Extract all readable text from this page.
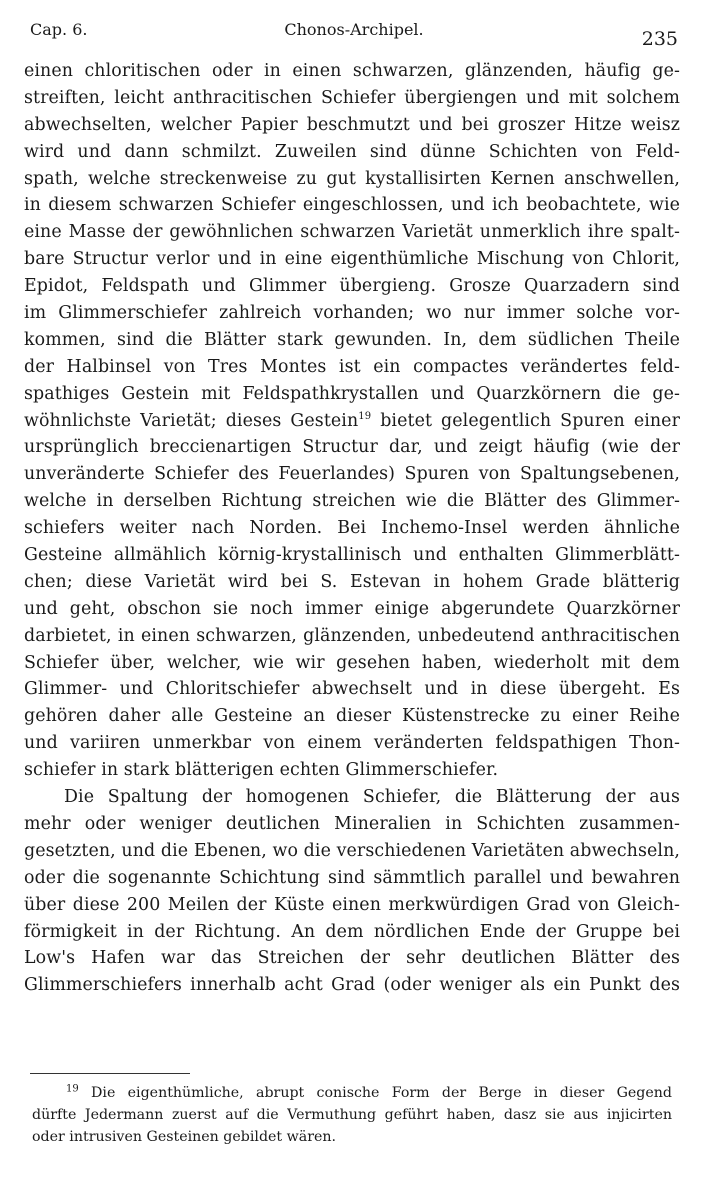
Cap. 6.	Chonos-Archipel.	235
einen chloritischen oder in einen schwarzen, glänzenden, häufig ge-
streiften, leicht anthracitischen Schiefer übergiengen und mit solchem
abwechselten, welcher Papier beschmutzt und bei groszer Hitze weisz
wird und dann schmilzt. Zuweilen sind dünne Schichten von Feld-
spath, welche streckenweise zu gut kystallisirten Kernen anschwellen,
in diesem schwarzen Schiefer eingeschlossen, und ich beobachtete, wie
eine Masse der gewöhnlichen schwarzen Varietät unmerklich ihre spalt-
bare Structur verlor und in eine eigenthümliche Mischung von Chlorit,
Epidot, Feldspath und Glimmer übergieng. Grosze Quarzadern sind
im Glimmerschiefer zahlreich vorhanden; wo nur immer solche vor-
kommen, sind die Blätter stark gewunden. In, dem südlichen Theile
der Halbinsel von Tres Montes ist ein compactes verändertes feld-
spathiges Gestein mit Feldspathkrystallen und Quarzkörnern die ge-
wöhnlichste Varietät; dieses Gestein$^{19}$ bietet gelegentlich Spuren einer
ursprünglich breccienartigen Structur dar, und zeigt häufig (wie der
unveränderte Schiefer des Feuerlandes) Spuren von Spaltungsebenen,
welche in derselben Richtung streichen wie die Blätter des Glimmer-
schiefers weiter nach Norden. Bei Inchemo-Insel werden ähnliche
Gesteine allmählich körnig-krystallinisch und enthalten Glimmerblätt-
chen; diese Varietät wird bei S. Estevan in hohem Grade blätterig
und geht, obschon sie noch immer einige abgerundete Quarzkörner
darbietet, in einen schwarzen, glänzenden, unbedeutend anthracitischen
Schiefer über, welcher, wie wir gesehen haben, wiederholt mit dem
Glimmer- und Chloritschiefer abwechselt und in diese übergeht. Es
gehören daher alle Gesteine an dieser Küstenstrecke zu einer Reihe
und variiren unmerkbar von einem veränderten feldspathigen Thon-
schiefer in stark blätterigen echten Glimmerschiefer.
Die Spaltung der homogenen Schiefer, die Blätterung der aus
mehr oder weniger deutlichen Mineralien in Schichten zusammen-
gesetzten, und die Ebenen, wo die verschiedenen Varietäten abwechseln,
oder die sogenannte Schichtung sind sämmtlich parallel und bewahren
über diese 200 Meilen der Küste einen merkwürdigen Grad von Gleich-
förmigkeit in der Richtung. An dem nördlichen Ende der Gruppe bei
Low's Hafen war das Streichen der sehr deutlichen Blätter des
Glimmerschiefers innerhalb acht Grad (oder weniger als ein Punkt des
$^{19}$ Die eigenthümliche, abrupt conische Form der Berge in dieser Gegend
dürfte Jedermann zuerst auf die Vermuthung geführt haben, dasz sie aus injicirten
oder intrusiven Gesteinen gebildet wären.
